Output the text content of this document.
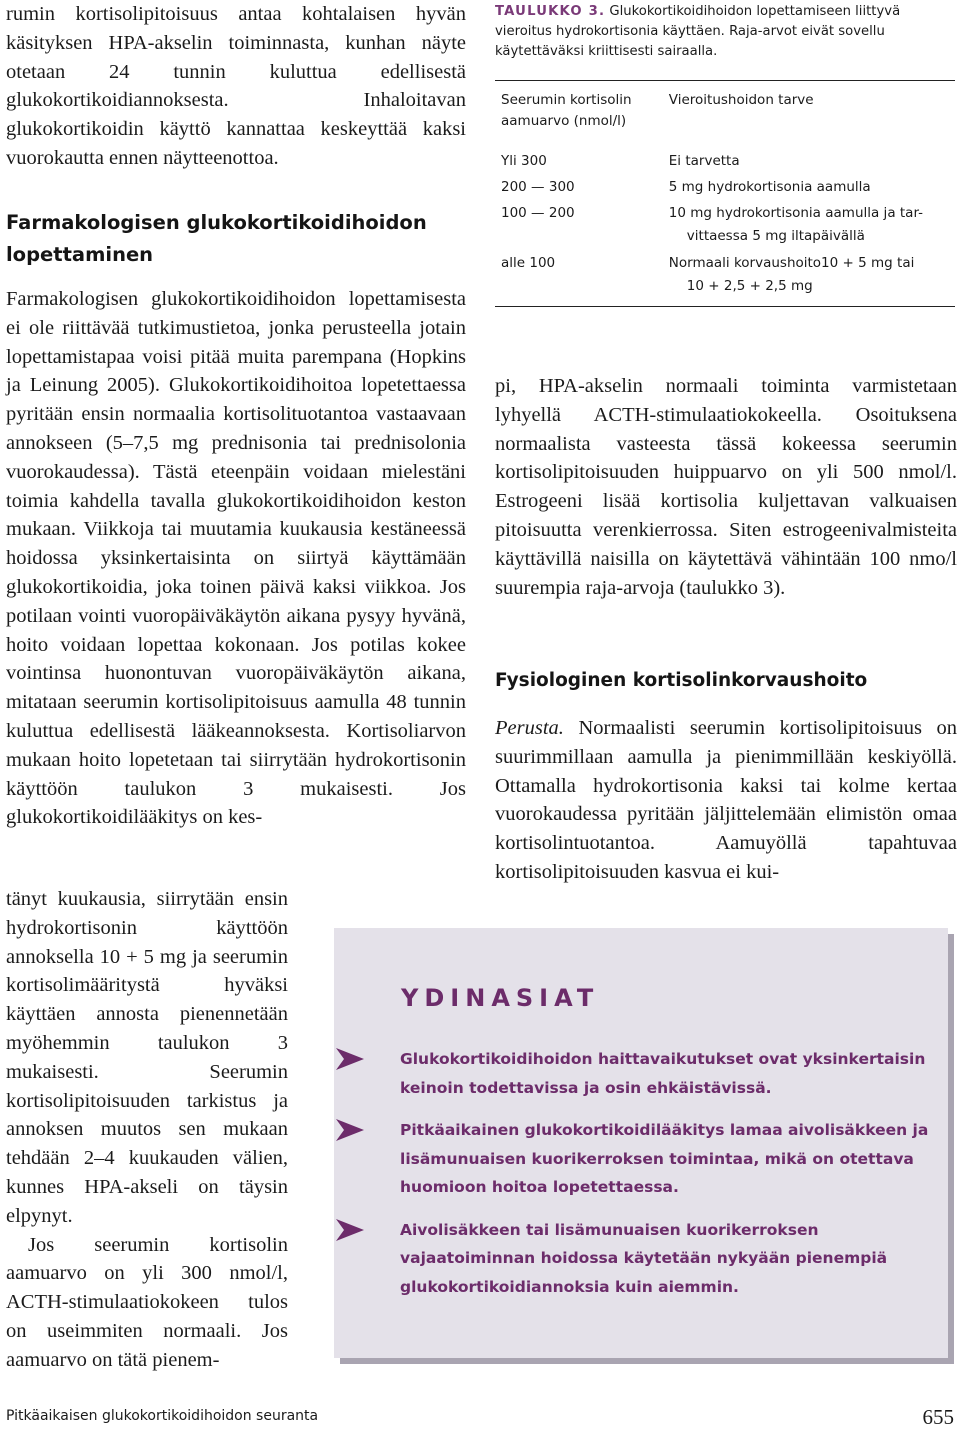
rumin kortisolipitoisuus antaa kohtalaisen hyvän käsityksen HPA-akselin toiminnasta, kunhan näyte otetaan 24 tunnin kuluttua edellisestä glukokortikoidiannoksesta. Inhaloitavan glukokortikoidin käyttö kannattaa keskeyttää kaksi vuorokautta ennen näytteenottoa.

Farmakologisen glukokortikoidihoidon lopettaminen

Farmakologisen glukokortikoidihoidon lopettamisesta ei ole riittävää tutkimustietoa, jonka perusteella jotain lopettamistapaa voisi pitää muita parempana (Hopkins ja Leinung 2005). Glukokortikoidihoitoa lopetettaessa pyritään ensin normaalia kortisolituotantoa vastaavaan annokseen (5–7,5 mg prednisonia tai prednisolonia vuorokaudessa). Tästä eteenpäin voidaan mielestäni toimia kahdella tavalla glukokortikoidihoidon keston mukaan. Viikkoja tai muutamia kuukausia kestäneessä hoidossa yksinkertaisinta on siirtyä käyttämään glukokortikoidia, joka toinen päivä kaksi viikkoa. Jos potilaan vointi vuoropäiväkäytön aikana pysyy hyvänä, hoito voidaan lopettaa kokonaan. Jos potilas kokee vointinsa huonontuvan vuoropäiväkäytön aikana, mitataan seerumin kortisolipitoisuus aamulla 48 tunnin kuluttua edellisestä lääkeannoksesta. Kortisoliarvon mukaan hoito lopetetaan tai siirrytään hydrokortisonin käyttöön taulukon 3 mukaisesti. Jos glukokortikoidilääkitys on kes-

tänyt kuukausia, siirrytään ensin hydrokortisonin käyttöön annoksella 10 + 5 mg ja seerumin kortisolimääritystä hyväksi käyttäen annosta pienennetään myöhemmin taulukon 3 mukaisesti. Seerumin kortisolipitoisuuden tarkistus ja annoksen muutos sen mukaan tehdään 2–4 kuukauden välien, kunnes HPA-akseli on täysin elpynyt.

Jos seerumin kortisolin aamuarvo on yli 300 nmol/l, ACTH-stimulaatiokokeen tulos on useimmiten normaali. Jos aamuarvo on tätä pienem-

TAULUKKO 3. Glukokortikoidihoidon lopettamiseen liittyvä vieroitus hydrokortisonia käyttäen. Raja-arvot eivät sovellu käytettäväksi kriittisesti sairaalla.

Seerumin kortisolin aamuarvo (nmol/l)
Vieroitushoidon tarve
Yli 300	Ei tarvetta
200 — 300	5 mg hydrokortisonia aamulla
100 — 200	10 mg hydrokortisonia aamulla ja tar-
vittaessa 5 mg iltapäivällä
alle 100	Normaali korvaushoito10 + 5 mg tai
10 + 2,5 + 2,5 mg

pi, HPA-akselin normaali toiminta varmistetaan lyhyellä ACTH-stimulaatiokokeella. Osoituksena normaalista vasteesta tässä kokeessa seerumin kortisolipitoisuuden huippuarvo on yli 500 nmol/l. Estrogeeni lisää kortisolia kuljettavan valkuaisen pitoisuutta verenkierrossa. Siten estrogeenivalmisteita käyttävillä naisilla on käytettävä vähintään 100 nmo/l suurempia raja-arvoja (taulukko 3).

Fysiologinen kortisolinkorvaushoito

Perusta. Normaalisti seerumin kortisolipitoisuus on suurimmillaan aamulla ja pienimmillään keskiyöllä. Ottamalla hydrokortisonia kaksi tai kolme kertaa vuorokaudessa pyritään jäljittelemään elimistön omaa kortisolintuotantoa. Aamuyöllä tapahtuvaa kortisolipitoisuuden kasvua ei kui-

YDINASIAT
Glukokortikoidihoidon haittavaikutukset ovat yksinkertaisin keinoin todettavissa ja osin ehkäistävissä.
Pitkäaikainen glukokortikoidilääkitys lamaa aivolisäkkeen ja lisämunuaisen kuorikerroksen toimintaa, mikä on otettava huomioon hoitoa lopetettaessa.
Aivolisäkkeen tai lisämunuaisen kuorikerroksen vajaatoiminnan hoidossa käytetään nykyään pienempiä glukokortikoidiannoksia kuin aiemmin.

Pitkäaikaisen glukokortikoidihoidon seuranta	655
